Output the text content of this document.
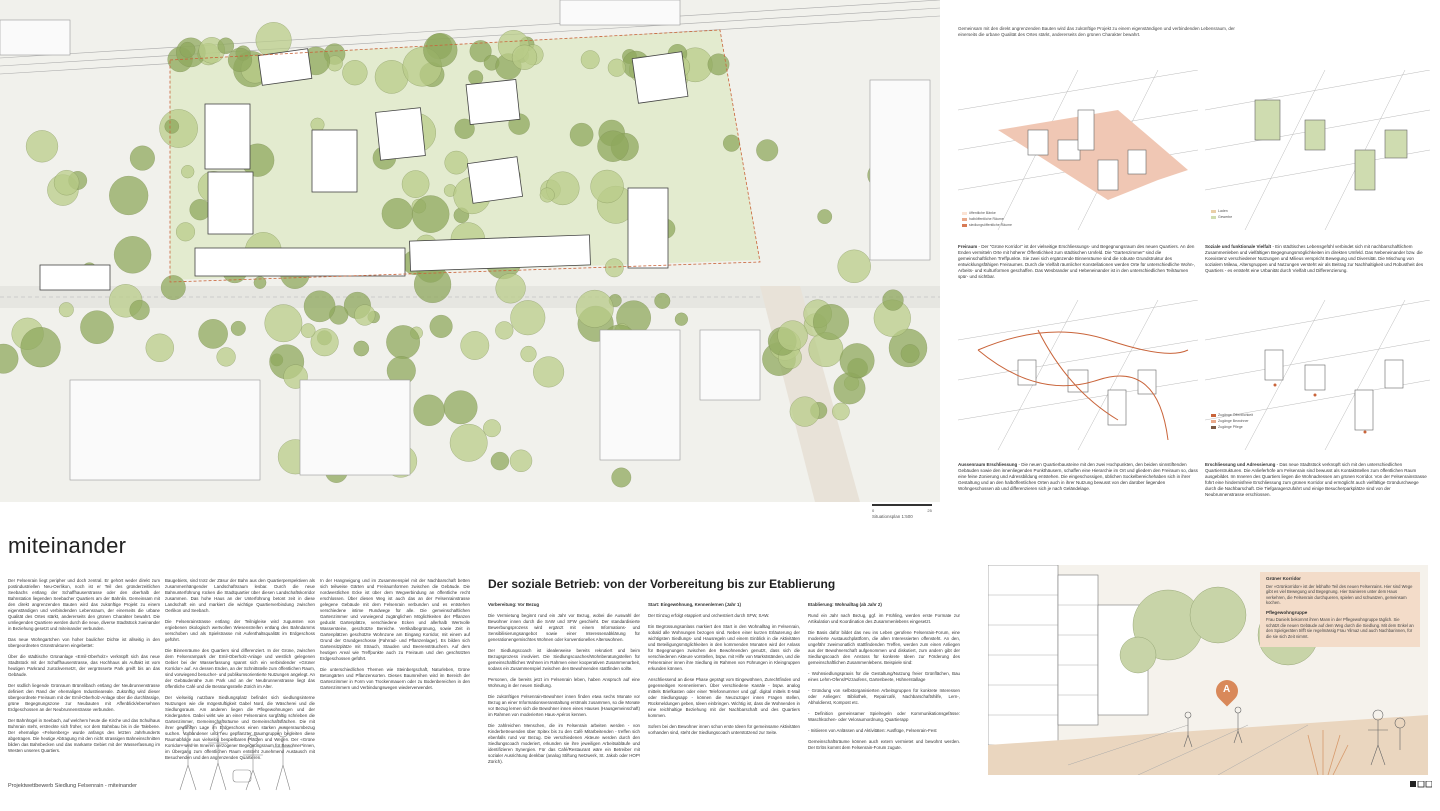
0	25
Situationsplan 1:500
Gemeinsam mit den direkt angrenzenden Bauten wird das zukünftige Projekt zu einem eigenständigen und verbindenden Lebensraum, der einerseits die urbane Qualität des Ortes stärkt, andererseits den grünen Charakter bewahrt.
öffentliche Bänke
halböffentliche Räume
siedlungsöffentliche Räume
Freiraum - Der "Grüne Korridor" ist der vielseitige Erschliessungs- und Begegnungsraum des neuen Quartiers. An den Enden vermitteln Orte mit höherer Öffentlichkeit zum städtischen Umfeld. Die "Gartenzimmer" sind die gemeinschaftlichen Treffpunkte. Sie zwei sich ergänzende Binnenräume sind die robuste Grundstruktur des entwicklungsfähigen Freiraumes. Durch die Vielfalt räumlicher Konstellationen werden Orte für unterschiedliche Wohn-, Arbeits- und Kulturformen geschaffen. Das Wesbrander und Hebeneinander ist in den unterschiedlichen Teilräumen spür- und sichtbar.
Laden
Gewerbe
Soziale und funktionale Vielfalt - Ein städtisches Lebensgefühl verbindet sich mit nachbarschaftlichem Zusammenleben und vielfältigen Begegnungsmöglichkeiten im direkten Umfeld. Das Nebeneinander bzw. die Koexistenz verschiedener Nutzungen und Milieus verspricht Bewegung und Diversität. Die Mischung von sozialem Mileau, Altersgruppen und Nutzungen versteht wir als Beitrag zur Nachhaltigkeit und Robustheit des Quartiers - es entsteht eine Urbanität durch Vielfalt und Differenzierung.
Aussenraum Erschliessung - Die neuen Quartierbausteine mit den zwei Hochpunkten, den beiden sinnstiftenden Gebäuden sowie den innenliegenden Punkthäusern, schaffen eine Hierarchie im Ort und gliedern den Freiraum so, dass eine feine Zonierung und Adressbildung entstehen. Die eingeschossigen, üblichen Sockelbereichehaben sich in ihrer Gestaltung und an den halböffentlichen Orten auch in ihrer Nutzung bewusst von den darüber liegenden Wohngeschossen ab und differenzieren sich je nach Geländelage.
Zugänge Öffentlichkeit
Zugänge Bewohner
Zugänge Pflege
Erschliessung und Adressierung - Das neue Stadtstück verknüpft sich mit den unterschiedlichen Quartierstrukturen. Die Anlieferhöfe am Felsenrain sind bewusst als Kontaktstellen zum öffentlichen Raum ausgebildet. Im Inneren des Quartiers liegen die Wohnadressen am grünen Korridor. Von der Felsenrainstrasse führt eine hindernisfreie Erschliessung zum grünen Korridor und ermöglicht auch vielfältige Gründurchwege durch die Nachbarschaft. Die Tiefgaragenzufahrt und einige Besucherparkplätze sind von der Neubrunnenstrasse erschlossen.
miteinander

Der Felsenrain liegt peripher und doch zentral. Er gehört weder direkt zum postindustriellen Neu-Oerlikon, noch ist er Teil des gründerzeitlichen Seebachs entlang der Schaffhauserstrasse oder den oberhalb der Bahnstation liegenden Seebacher Quartiers am der Bahnlin. Gemeinsam mit den direkt angrenzenden Bauten wird das zukünftige Projekt zu einem eigenständigen und verbindenden Lebensraum, der einerseits die urbane Qualität des Ortes stärkt, andererseits den grünen Charakter bewahrt. Die umliegenden Quartiere werden durch die neue, diverse Stadtstück zueinander in Beziehung gesetzt und miteinander verbunden.

Das neue Wohngartchen von hoher baulicher Dichte ist allseitig in den übergeordneten Grünstrukturen eingebettet:

Über die städtische Grünanlage «Emil-Oberholz» verknüpft sich das neue Stadtstück mit der Schaffhauserstrasse, das Hochhaus als Auftakt ist vom heutigen Parkrand zurückversetzt, der vergrösserte Park greift bis an das Gebäude.

Der südlich liegende Grünraum Brünnlibach entlang der Neubrunnenstrasse definiert den Rand der ehemaligen Industrieareale. Zukünftig wird dieser übergeordnete Freiraum mit der Emil-Oberholz-Anlage über die durchlässige, grüne Begegnungszone zur Neubauten mit Affenblick/ebersehnen Erdgeschossen an der Neubrunnenstrasse verbunden.

Der Bahnhügel in Seebach, auf welchem heute die Kirche und das Schulhaus Buhnrain steht, erstreckte sich früher, vor dem Bahnbau bis in die Talebene. Der ehemalige «Felsenberg» wurde anfangs des letzten Jahrhunderts abgetragen. Die heutige Abtragung mit den nicht strassigen Bahneinschnitten bilden das Bahnbecken und das markante Gebiet mit der Wasserfassung im Westen unseres Quartiers.

Baugebiets, sind trotz der Zäsur der Bahn aus den Quartierperspektiven als zusammenhängender Landschaftsraum lesbar. Durch die neue Bahnunterführung rücken die Stadtquartier über diesen Landschaftskorridor zusammen. Das hohe Haus an der Unterführung betont zeit in diese Landschaft ein und markiert die wichtige Quartierverbindung zwischen Oerlikon und Seebach.

Die Felsenrainstrasse entlang der Teilnigleise wird zugunsten von ergiebenen ökologisch wertvollen Wiesenstreifen entlang des Bahndamms verschoben und als Spielstrasse mit Aufenthaltsqualität im Erdgeschoss geführt.

Die Binnenräume des Quartiers sind differenziert. In der Grüne, zwischen dem Felsenrampark der Emil-Oberholz-Anlage und westlich gelegenen Gebiet bei der Wasserfassung spannt sich ein verbindender «Grüner Korridor» auf. An dessen Enden, an der Schnittstelle zum öffentlichen Raum, sind vorwiegend besucher- und publikumsorientierte Nutzungen angelegt. An der Gebäudenähe zum Park und an der Neubrunnenstrasse liegt das öffentliche Café und die Beratungsstelle Zürich im Alter.

Der vielseitig nutzbare Siedlungsplatz befindet sich siedlungsinterne Nutzungen wie die mögestuftigkeit Gabel Nord, die Wäscherei und die Siedlungsraum. Am anderen liegen die Pflegewohnungen und der Kindergarten. Dabei wirkt wie an einer Felsenrains sorgfältig schrieben die Gartenzimmer, Gemeinschaftsräume und Gemeinschaftsflächen. Die mit ihrer gewählten Lage im Erdgeschoss einen starken Aussenraumbezug suchen. Vorhandener und neu gepflanzter Baumgruppen begleiten diese Raumabfolge aus vielseitig bespielbaren Plätzen und Wegen. Der «Grüne Korridor» wird im Inneren verzogener Begegnungsraum für Bewohner*innen, im Übergang zum öffentlichen Raum entsteht zunehmend Austausch mit Besuchenden und den angrenzenden Quartieren.

In der Hangneigung und im Zusammenspiel mit der Nachbarschaft betten sich teilweise Gärten und Freiraumformen zwischen die Gebäude. Die nordwestlichen Ecke ist über dem Wegverbindung an öffentliche recht erschlossen. Über diesen Weg ist auch das an der Felsenrainstrasse gelegene Gebäude mit dem Felsenrain verbunden und es entstehen verschiedene intime Rundwege für alle. Die gemeinschaftlichen Gartenzimmer und vorwiegend zugänglichen Möglichkeiten der Pflanzen geduckt Gartenplätze, verschiedene Ecken und allerhalb Wertvolle Wassersteine, geschützte Bereiche. Vertikalbegrünung, sowie Zeit in Gartenplätzen geschützte Wohnzone am Eingang Korridor, mit einem auf Grund der Grundgeschosse (Fahrrad- und Pflanzenlager). Es bilden sich Gartensitzplätze mit Strauch, Stauden und Beerensträuchern. Auf dem heutigen Areal wie Treffpunkte auch zu Freiraum und den geschützten Erdgeschossen geführt.

Die unterschiedlichen Themen wie Steinbergschaft, Naturleben, Grüne Betongärten und Pflanzensorten. Dieses Baumreihen wird im Bereich der Gartenzimmer in Form von Trockenmauern oder zu Bodenbereichen in den Gartenzimmern und Verbindungswegen wiederverwendet.

Der soziale Betrieb: von der Vorbereitung bis zur Etablierung
Vorbereitung: Vor Bezug

Die Vermietung beginnt rund ein Jahr vor Bezug, wobei die Auswahl der Bewohner innen durch die SAW und SFW geschieht. Der standardisierte Bewerbungsprozess wird ergänzt mit einem Informations- und Sensibilisierungsangebot sowie einer Interessenabklärung für generationengemischtes Wohnen oder konventionelles Alterswohnen.

Der Siedlungscoach ist idealerweise bereits rekrutiert und beim Bezugsprozess involviert. Die Siedlungscoaches/Wohnberatungstellen für gemeinschaftliches Wohnen im Rahmen einer kooperativen Zusammenarbeit, sodass ein Zusammenspiel zwischen den Bewohnenden stattfinden sollte.

Personen, die bereits jetzt im Felsenrain leben, haben Anspruch auf eine Wohnung in der neuen Siedlung.

Die zukünftigen Felsenrain-Bewohner innen finden etwa sechs Monate vor Bezug an einer Informationsveranstaltung erstmals zusammen, so die Monate vor Bezug lernen sich die Bewohner innen eines Hauses (Hausgemeinschaft) im Rahmen von moderierten Haus-Apéros kennen.

Die zahlreichen Menschen, die im Felsenrain arbeiten werden - von Kinderbetreuenden über Spitex bis zu den Café Mitarbeitenden - treffen sich ebenfalls rund vor Bezug. Die verschiedenen Akteure werden durch den Siedlungscoach moderiert, erkunden sie ihre jeweiligen Arbeitsabläufe und identifizieren Synergien. Für das Café/Restaurant wäre ein Betreiber mit sozialer Ausrichtung denkbar (analog Stiftung Netzwerk, St. Jakob oder HOP! Zürich).

Start: Eingewöhnung, Kennenlernen (Jahr 1)

Der Einzug erfolgt etappiert und orchestriert durch SFW, SAW.

Ein Begrüssungsanlass markiert den Start in den Wohnalltag im Felsenrain, sobald alle Wohnungen bezogen sind. Neben einer kurzen Erläuterung der wichtigsten Siedlungs- und Hausregeln und einem Einblick in die Aktivitäten und Beteiligungsmöglichkeiten in den kommenden Monaten wird der Anlass für Begegnungen zwischen den Bewohnenden genutzt, dass sich die verschiedenen Akteure vorstellen, bspw. mit Hilfe von Markstständen, und die Felsenrainer innen ihre Siedlung im Rahmen von Führungen in Kleingruppen erkunden können.

Anschliessend an diese Phase geprägt vom Eingewöhnen, Zurechtfinden und gegenseitigen Kennenlernen. Über verschiedene Kanäle - bspw. analog mittels Briefkasten oder einer Telefonnummer und ggf. digital mittels E-Mail oder Siedlungsapp - können die Neuzuzüger innen Fragen stellen, Rückmeldungen geben, Ideen einbringen. Wichtig ist, dass die Wohnenden in eine reichhaltige Beziehung mit der Nachbarschaft und des Quartiers kommen.

Sofern bei den Bewohner innen schon erste Ideen für gemeinsame Aktivitäten vorhanden sind, steht der Siedlungscoach unterstützend zur Seite.

Etablierung: Wohnalltag (ab Jahr 2)

Rund ein Jahr nach Bezug, ggf. im Frühling, werden erste Formate zur Artikulation und Koordination des Zusammenlebens eingesetzt.

Die Basis dafür bildet das neu ins Leben gerufene Felsenrain-Forum, eine moderierte Austauschplattform, die allen Interessierten offensteht. An den, ungefähr zweimonatlich stattfindenden Treffen, werden zum einen Anliegen aus der Bewohnerschaft aufgenommen und diskutiert, zum andern gibt der Siedlungscoach den Anstoss für konkrete Ideen zur Förderung des gemeinschaftlichen Zusammenlebens. Beispiele sind:

- Wohnsiedlungspraxis für die Gestaltung/Nutzung freier Grünflächen, Bau eines Lehm-Ofens/Pizzaofens, Gartenbeete, Hühnerstallage

- Gründung von selbstorganisierten Arbeitsgruppen für konkrete Interessen oder Anliegen: Bibliothek, Repaircafé, Nachbarschaftshilfe, Lern-, Abholdienst, Kompost etc.

- Definition gemeinsamer Spielregeln oder Kommunikationsgefässe: Waschküchen- oder Veloraumordnung, Quartierapp

- Initiieren von Anlässen und Aktivitäten: Ausflüge, Felsenrain-Fest

Gemeinschaftsräume können auch extern vermietet und bewohnt werden. Der Erlös kommt dem Felsenrain-Forum zugute.

A
Grüner Korridor

Der «Grünkorridor» ist der lebhafte Teil des neuen Felsenrains. Hier sind Wege gibt es viel Bewegung und Begegnung. Hier trainieren unter dem Haus verkehren, die Felsenrain durchqueren, spielen und schwatzen, gemeinsam kochen.

Pflegewohngruppe

Frau Daniels bekommt ihren Mann in der Pflegewohngruppe täglich. Sie schätzt die neuen Gebäude auf dem Weg durch die Siedlung. Mit dem Enkel an den Spielgeräten trifft sie regelmässig Frau Yilmaz und auch Nachbarinnen, für die sie sich Zeit nimmt.

Projektwettbewerb Siedlung Felsenrain - miteinander
